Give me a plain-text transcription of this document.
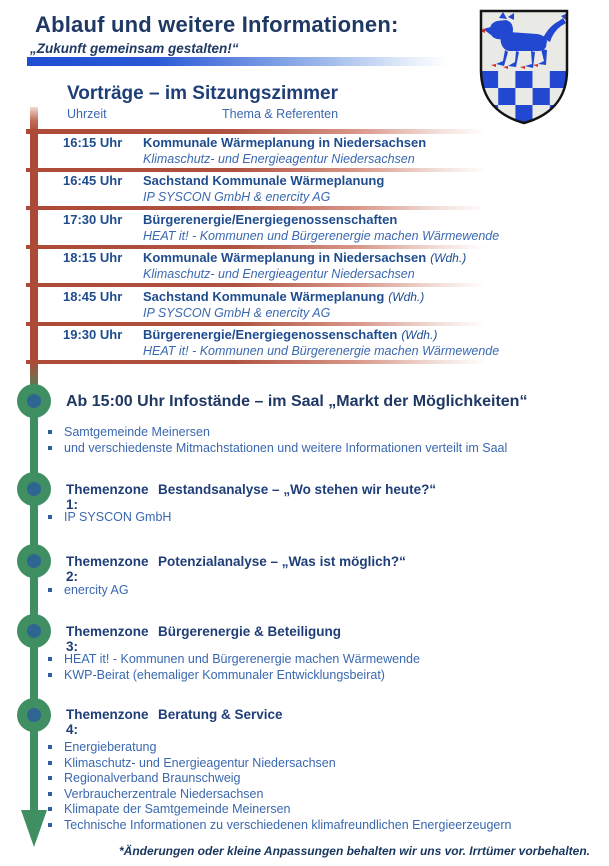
Ablauf und weitere Informationen:
„Zukunft gemeinsam gestalten!“
Vorträge – im Sitzungszimmer
Uhrzeit	Thema & Referenten
16:15 Uhr	Kommunale Wärmeplanung in Niedersachsen
Klimaschutz- und Energieagentur Niedersachsen
16:45 Uhr	Sachstand Kommunale Wärmeplanung
IP SYSCON GmbH & enercity AG
17:30 Uhr	Bürgerenergie/Energiegenossenschaften
HEAT it! - Kommunen und Bürgerenergie machen Wärmewende
18:15 Uhr	Kommunale Wärmeplanung in Niedersachsen (Wdh.)
Klimaschutz- und Energieagentur Niedersachsen
18:45 Uhr	Sachstand Kommunale Wärmeplanung (Wdh.)
IP SYSCON GmbH & enercity AG
19:30 Uhr	Bürgerenergie/Energiegenossenschaften (Wdh.)
HEAT it! - Kommunen und Bürgerenergie machen Wärmewende
Ab 15:00 Uhr Infostände – im Saal „Markt der Möglichkeiten“
Samtgemeinde Meinersen
und verschiedenste Mitmachstationen und weitere Informationen verteilt im Saal
Themenzone 1:
Bestandsanalyse – „Wo stehen wir heute?“
IP SYSCON GmbH
Themenzone 2:
Potenzialanalyse – „Was ist möglich?“
enercity AG
Themenzone 3:
Bürgerenergie & Beteiligung
HEAT it! - Kommunen und Bürgerenergie machen Wärmewende
KWP-Beirat (ehemaliger Kommunaler Entwicklungsbeirat)
Themenzone 4:
Beratung & Service
Energieberatung
Klimaschutz- und Energieagentur Niedersachsen
Regionalverband Braunschweig
Verbraucherzentrale Niedersachsen
Klimapate der Samtgemeinde Meinersen
Technische Informationen zu verschiedenen klimafreundlichen Energieerzeugern
*Änderungen oder kleine Anpassungen behalten wir uns vor. Irrtümer vorbehalten.
